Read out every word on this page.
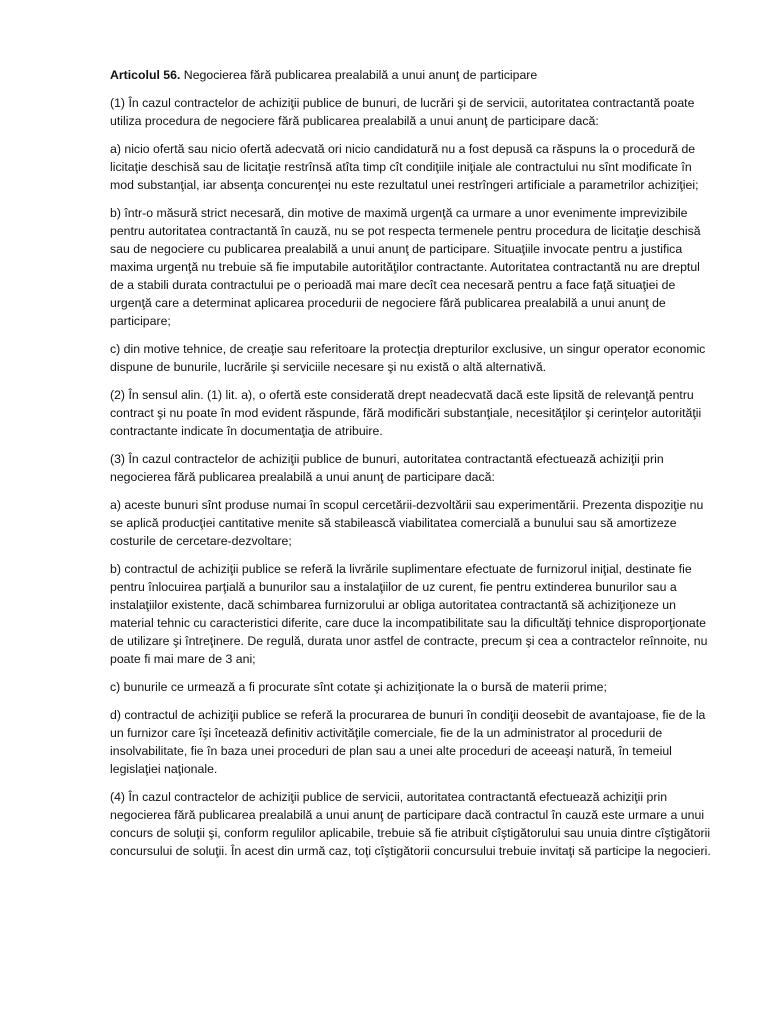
Articolul 56. Negocierea fără publicarea prealabilă a unui anunţ de participare

(1) În cazul contractelor de achiziţii publice de bunuri, de lucrări şi de servicii, autoritatea contractantă poate utiliza procedura de negociere fără publicarea prealabilă a unui anunţ de participare dacă:

a) nicio ofertă sau nicio ofertă adecvată ori nicio candidatură nu a fost depusă ca răspuns la o procedură de licitaţie deschisă sau de licitaţie restrînsă atîta timp cît condiţiile iniţiale ale contractului nu sînt modificate în mod substanţial, iar absenţa concurenţei nu este rezultatul unei restrîngeri artificiale a parametrilor achiziţiei;

b) într-o măsură strict necesară, din motive de maximă urgenţă ca urmare a unor evenimente imprevizibile pentru autoritatea contractantă în cauză, nu se pot respecta termenele pentru procedura de licitaţie deschisă sau de negociere cu publicarea prealabilă a unui anunţ de participare. Situaţiile invocate pentru a justifica maxima urgenţă nu trebuie să fie imputabile autorităţilor contractante. Autoritatea contractantă nu are dreptul de a stabili durata contractului pe o perioadă mai mare decît cea necesară pentru a face faţă situaţiei de urgenţă care a determinat aplicarea procedurii de negociere fără publicarea prealabilă a unui anunţ de participare;

c) din motive tehnice, de creaţie sau referitoare la protecţia drepturilor exclusive, un singur operator economic dispune de bunurile, lucrările şi serviciile necesare şi nu există o altă alternativă.

(2) În sensul alin. (1) lit. a), o ofertă este considerată drept neadecvată dacă este lipsită de relevanţă pentru contract şi nu poate în mod evident răspunde, fără modificări substanţiale, necesităţilor şi cerinţelor autorităţii contractante indicate în documentaţia de atribuire.

(3) În cazul contractelor de achiziţii publice de bunuri, autoritatea contractantă efectuează achiziţii prin negocierea fără publicarea prealabilă a unui anunţ de participare dacă:

a) aceste bunuri sînt produse numai în scopul cercetării-dezvoltării sau experimentării. Prezenta dispoziţie nu se aplică producţiei cantitative menite să stabilească viabilitatea comercială a bunului sau să amortizeze costurile de cercetare-dezvoltare;

b) contractul de achiziţii publice se referă la livrările suplimentare efectuate de furnizorul iniţial, destinate fie pentru înlocuirea parţială a bunurilor sau a instalaţiilor de uz curent, fie pentru extinderea bunurilor sau a instalaţiilor existente, dacă schimbarea furnizorului ar obliga autoritatea contractantă să achiziţioneze un material tehnic cu caracteristici diferite, care duce la incompatibilitate sau la dificultăţi tehnice disproporţionate de utilizare şi întreţinere. De regulă, durata unor astfel de contracte, precum şi cea a contractelor reînnoite, nu poate fi mai mare de 3 ani;

c) bunurile ce urmează a fi procurate sînt cotate şi achiziţionate la o bursă de materii prime;

d) contractul de achiziţii publice se referă la procurarea de bunuri în condiţii deosebit de avantajoase, fie de la un furnizor care îşi încetează definitiv activităţile comerciale, fie de la un administrator al procedurii de insolvabilitate, fie în baza unei proceduri de plan sau a unei alte proceduri de aceeaşi natură, în temeiul legislaţiei naţionale.

(4) În cazul contractelor de achiziţii publice de servicii, autoritatea contractantă efectuează achiziţii prin negocierea fără publicarea prealabilă a unui anunţ de participare dacă contractul în cauză este urmare a unui concurs de soluţii şi, conform regulilor aplicabile, trebuie să fie atribuit cîştigătorului sau unuia dintre cîştigătorii concursului de soluţii. În acest din urmă caz, toţi cîştigătorii concursului trebuie invitaţi să participe la negocieri.
